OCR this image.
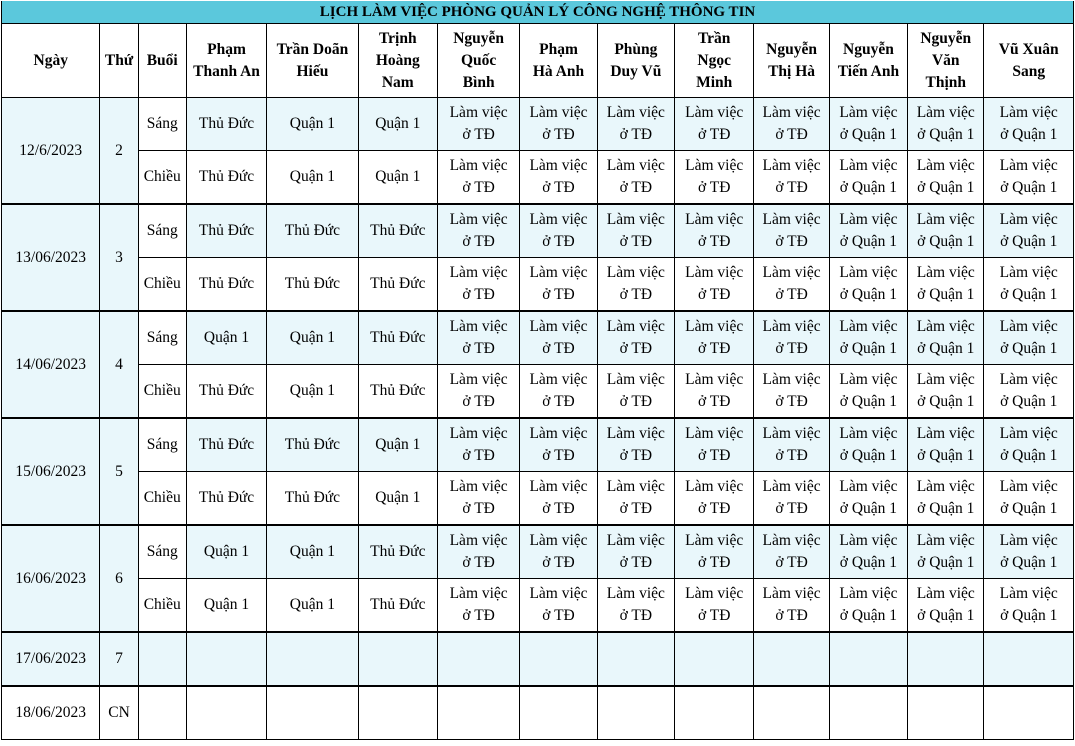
LỊCH LÀM VIỆC PHÒNG QUẢN LÝ CÔNG NGHỆ THÔNG TIN													

Ngày	Thứ	Buổi	Phạm
Thanh An	Trần Doãn
Hiếu	Trịnh
Hoàng
Nam	Nguyễn
Quốc
Bình	Phạm
Hà Anh	Phùng
Duy Vũ	Trần
Ngọc
Minh	Nguyễn
Thị Hà	Nguyễn
Tiến Anh	Nguyễn
Văn
Thịnh	Vũ Xuân
Sang

12/6/2023	2	Sáng	Thủ Đức	Quận 1	Quận 1	Làm việc
ở TĐ	Làm việc
ở TĐ	Làm việc
ở TĐ	Làm việc
ở TĐ	Làm việc
ở TĐ	Làm việc
ở Quận 1	Làm việc
ở Quận 1	Làm việc
ở Quận 1

		Chiều	Thủ Đức	Quận 1	Quận 1	Làm việc
ở TĐ	Làm việc
ở TĐ	Làm việc
ở TĐ	Làm việc
ở TĐ	Làm việc
ở TĐ	Làm việc
ở Quận 1	Làm việc
ở Quận 1	Làm việc
ở Quận 1

13/06/2023	3	Sáng	Thủ Đức	Thủ Đức	Thủ Đức	Làm việc
ở TĐ	Làm việc
ở TĐ	Làm việc
ở TĐ	Làm việc
ở TĐ	Làm việc
ở TĐ	Làm việc
ở Quận 1	Làm việc
ở Quận 1	Làm việc
ở Quận 1

		Chiều	Thủ Đức	Thủ Đức	Thủ Đức	Làm việc
ở TĐ	Làm việc
ở TĐ	Làm việc
ở TĐ	Làm việc
ở TĐ	Làm việc
ở TĐ	Làm việc
ở Quận 1	Làm việc
ở Quận 1	Làm việc
ở Quận 1

14/06/2023	4	Sáng	Quận 1	Quận 1	Thủ Đức	Làm việc
ở TĐ	Làm việc
ở TĐ	Làm việc
ở TĐ	Làm việc
ở TĐ	Làm việc
ở TĐ	Làm việc
ở Quận 1	Làm việc
ở Quận 1	Làm việc
ở Quận 1

		Chiều	Thủ Đức	Quận 1	Thủ Đức	Làm việc
ở TĐ	Làm việc
ở TĐ	Làm việc
ở TĐ	Làm việc
ở TĐ	Làm việc
ở TĐ	Làm việc
ở Quận 1	Làm việc
ở Quận 1	Làm việc
ở Quận 1

15/06/2023	5	Sáng	Thủ Đức	Thủ Đức	Quận 1	Làm việc
ở TĐ	Làm việc
ở TĐ	Làm việc
ở TĐ	Làm việc
ở TĐ	Làm việc
ở TĐ	Làm việc
ở Quận 1	Làm việc
ở Quận 1	Làm việc
ở Quận 1

		Chiều	Thủ Đức	Thủ Đức	Quận 1	Làm việc
ở TĐ	Làm việc
ở TĐ	Làm việc
ở TĐ	Làm việc
ở TĐ	Làm việc
ở TĐ	Làm việc
ở Quận 1	Làm việc
ở Quận 1	Làm việc
ở Quận 1

16/06/2023	6	Sáng	Quận 1	Quận 1	Thủ Đức	Làm việc
ở TĐ	Làm việc
ở TĐ	Làm việc
ở TĐ	Làm việc
ở TĐ	Làm việc
ở TĐ	Làm việc
ở Quận 1	Làm việc
ở Quận 1	Làm việc
ở Quận 1

		Chiều	Quận 1	Quận 1	Thủ Đức	Làm việc
ở TĐ	Làm việc
ở TĐ	Làm việc
ở TĐ	Làm việc
ở TĐ	Làm việc
ở TĐ	Làm việc
ở Quận 1	Làm việc
ở Quận 1	Làm việc
ở Quận 1

17/06/2023	7												
18/06/2023	CN												
